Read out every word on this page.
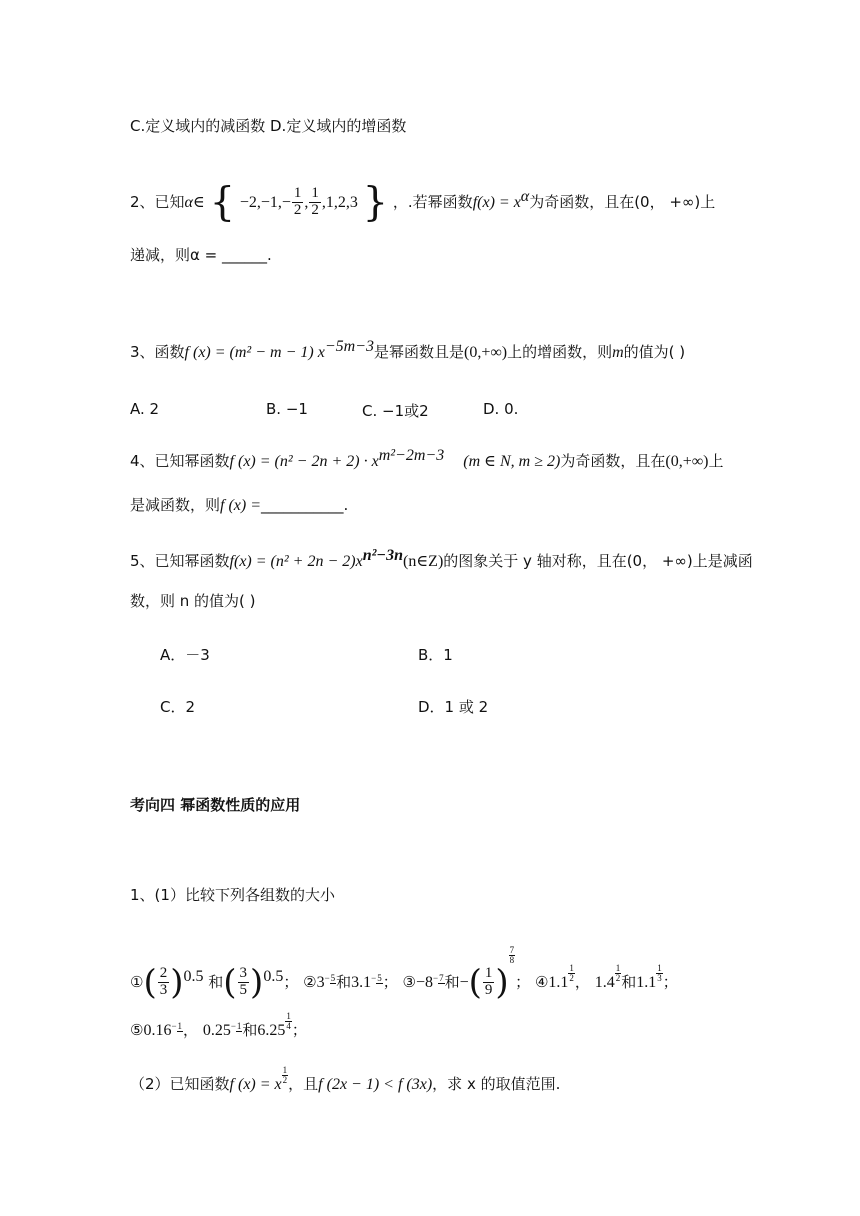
C.定义域内的减函数 D.定义域内的增函数
2、已知α∈ { $-2,-1,- \frac{1}{2}$ , $\frac{1}{2} ,1,2,3$ } ，.若幂函数$f(x) = x^\alpha$为奇函数，且在(0， +∞)上
递减，则α = ______.
3、函数f (x) = (m² − m − 1) $x^{-5m-3}$是幂函数且是(0,+∞)上的增函数，则m的值为( )
A. 2	B. −1	C. −1或2	D. 0.
4、已知幂函数f $(x) = (n^2 - 2n + 2) \cdot x^{m^2-2m-3}$ (m ∈ N, m ≥ 2)为奇函数，且在(0,+∞)上
是减函数，则f (x) =___________.
5、已知幂函数$f(x) = (n^2 + 2n - 2)x^{n^2-3n}(n\in Z)$的图象关于 y 轴对称，且在(0， +∞)上是减函
数，则 n 的值为( )
A．－3	B．1
C．2	D．1 或 2
考向四 幂函数性质的应用
1、(1）比较下列各组数的大小
①( $\frac{2}{3} )^{0.5}$ 和( $\frac{3}{5} )^{0.5}$； ②3−5和3.1−5； ③−8−7和−( $\frac{1}{9}$ )
$\frac{7}{8}$
； ④1.1 $\frac{1}{2}$ ， $1.4 \frac{1}{2}$ 和$1.1 \frac{1}{3}$ ；
⑤0.16−1， 0.25−1和$6.25 \frac{1}{4}$ ；
（2）已知函数f (x) = x $\frac{1}{2}$ ，且f (2x − 1) < f (3x)，求 x 的取值范围.
